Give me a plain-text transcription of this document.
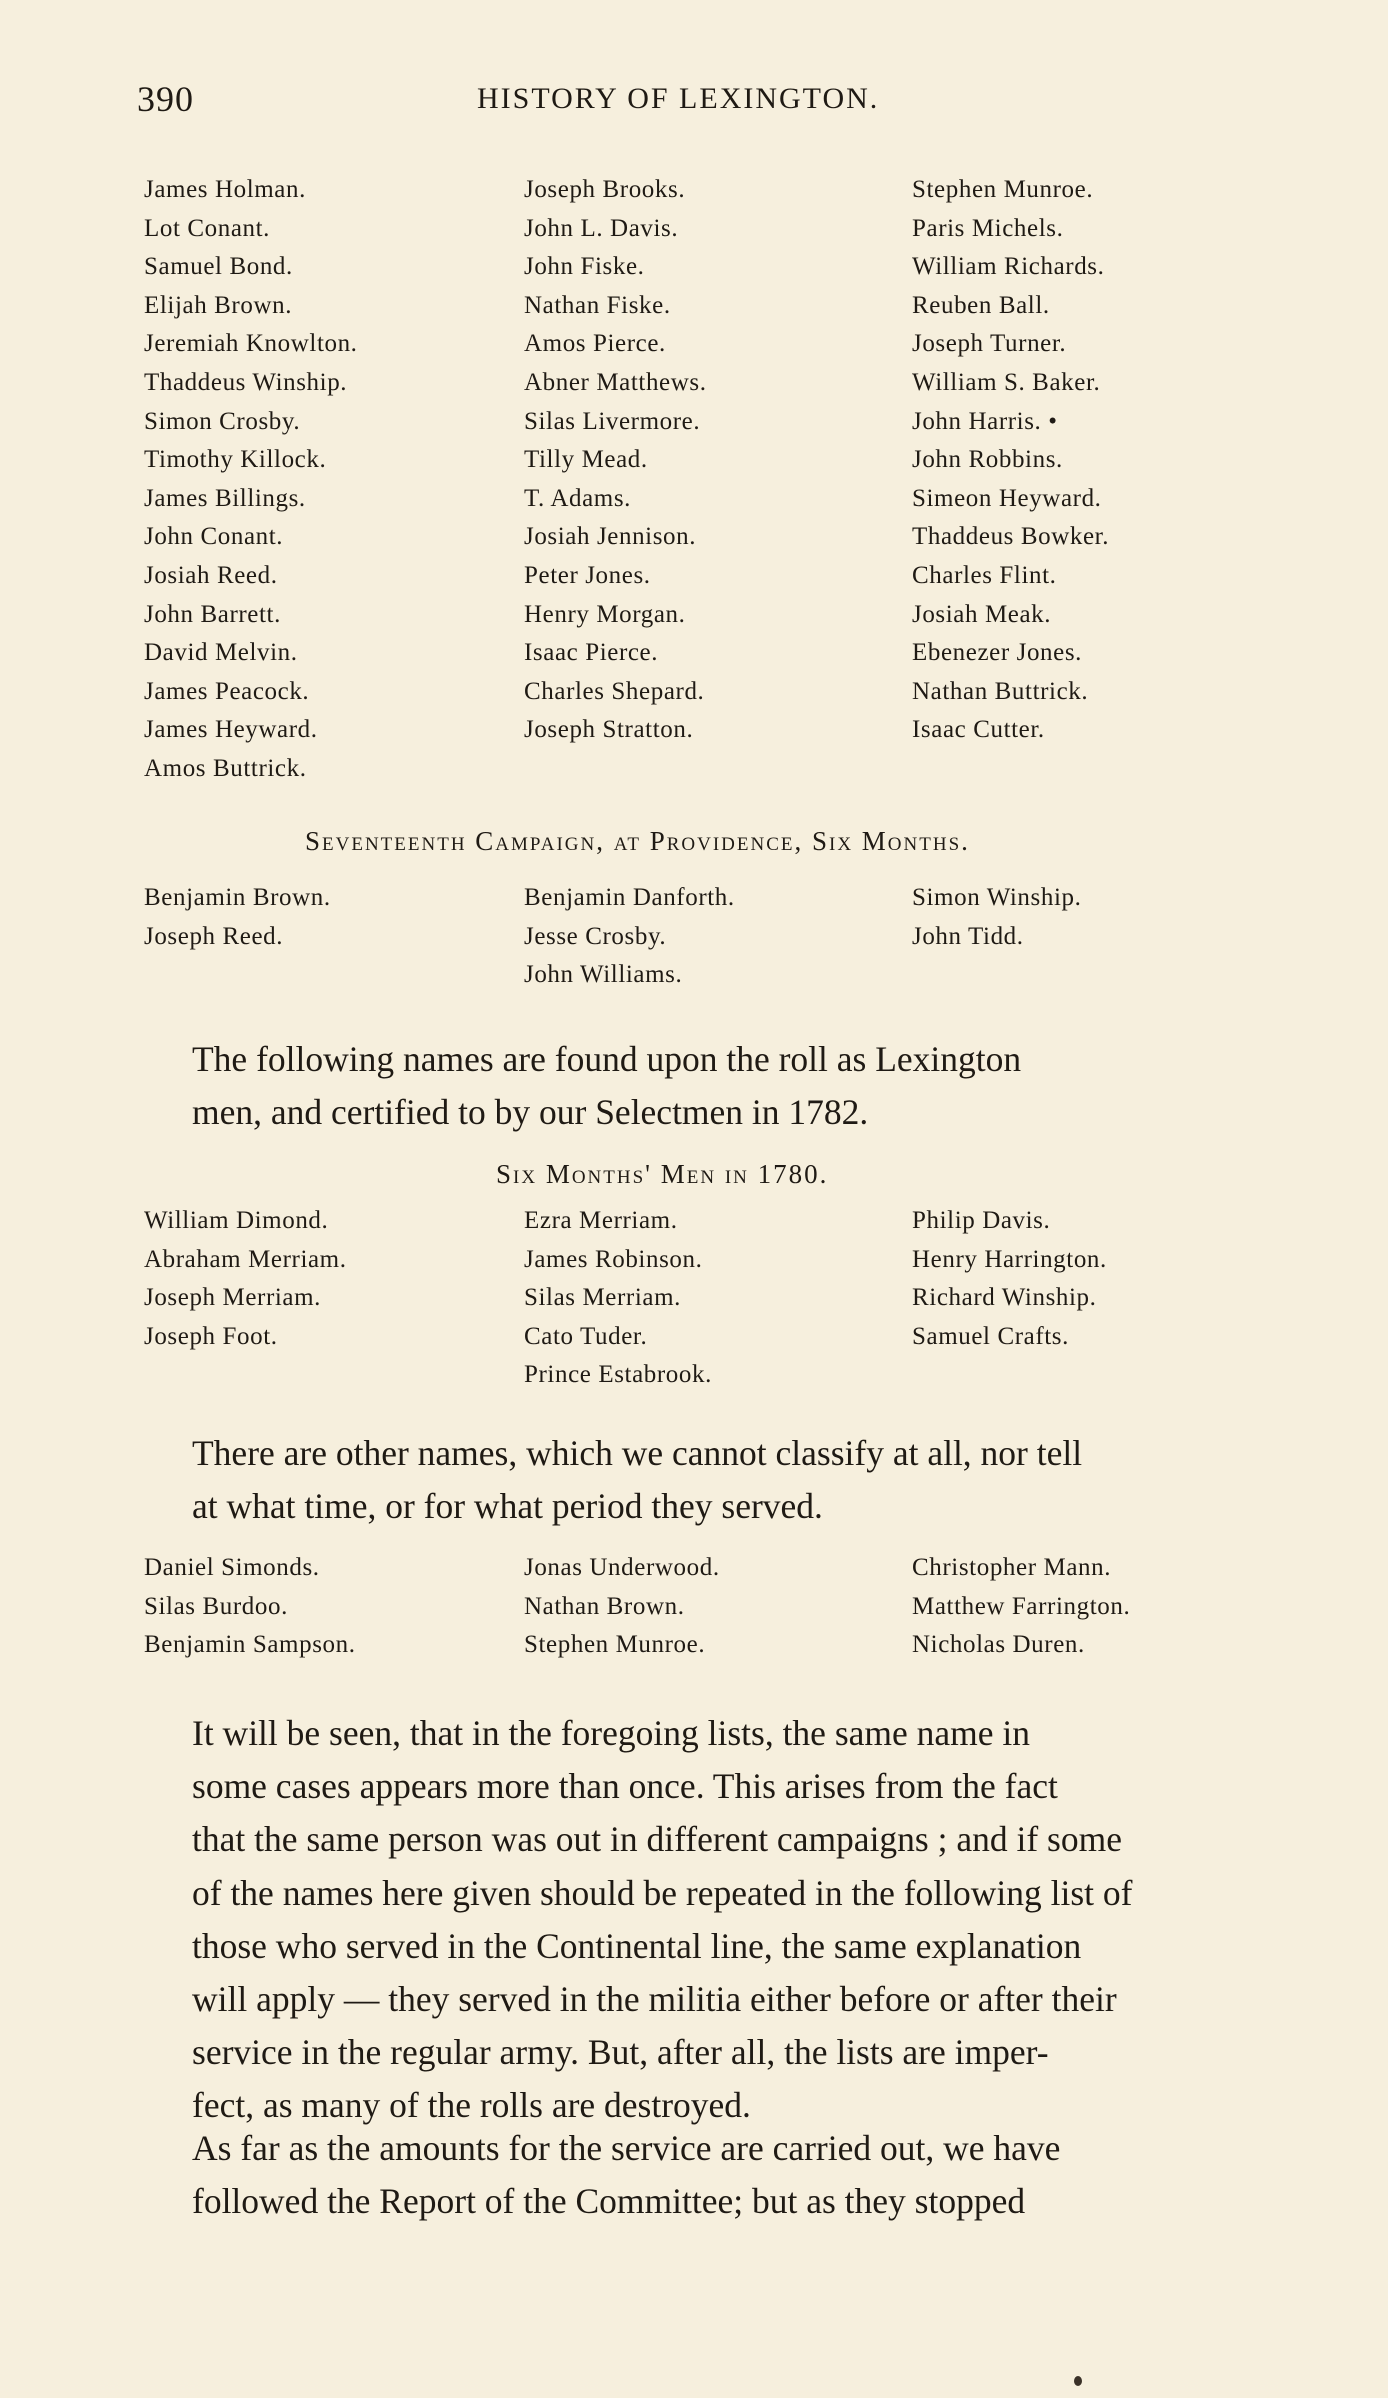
390	HISTORY OF LEXINGTON.
James Holman.
Lot Conant.
Samuel Bond.
Elijah Brown.
Jeremiah Knowlton.
Thaddeus Winship.
Simon Crosby.
Timothy Killock.
James Billings.
John Conant.
Josiah Reed.
John Barrett.
David Melvin.
James Peacock.
James Heyward.
Amos Buttrick.
Joseph Brooks.
John L. Davis.
John Fiske.
Nathan Fiske.
Amos Pierce.
Abner Matthews.
Silas Livermore.
Tilly Mead.
T. Adams.
Josiah Jennison.
Peter Jones.
Henry Morgan.
Isaac Pierce.
Charles Shepard.
Joseph Stratton.
Stephen Munroe.
Paris Michels.
William Richards.
Reuben Ball.
Joseph Turner.
William S. Baker.
John Harris. •
John Robbins.
Simeon Heyward.
Thaddeus Bowker.
Charles Flint.
Josiah Meak.
Ebenezer Jones.
Nathan Buttrick.
Isaac Cutter.
Seventeenth Campaign, at Providence, Six Months.
Benjamin Brown.
Joseph Reed.
Benjamin Danforth.
Jesse Crosby.
John Williams.
Simon Winship.
John Tidd.
The following names are found upon the roll as Lexington
men, and certified to by our Selectmen in 1782.
Six Months' Men in 1780.
William Dimond.
Abraham Merriam.
Joseph Merriam.
Joseph Foot.
Ezra Merriam.
James Robinson.
Silas Merriam.
Cato Tuder.
Prince Estabrook.
Philip Davis.
Henry Harrington.
Richard Winship.
Samuel Crafts.
There are other names, which we cannot classify at all, nor tell
at what time, or for what period they served.
Daniel Simonds.
Silas Burdoo.
Benjamin Sampson.
Jonas Underwood.
Nathan Brown.
Stephen Munroe.
Christopher Mann.
Matthew Farrington.
Nicholas Duren.
It will be seen, that in the foregoing lists, the same name in
some cases appears more than once. This arises from the fact
that the same person was out in different campaigns ; and if some
of the names here given should be repeated in the following list of
those who served in the Continental line, the same explanation
will apply — they served in the militia either before or after their
service in the regular army. But, after all, the lists are imper-
fect, as many of the rolls are destroyed.
As far as the amounts for the service are carried out, we have
followed the Report of the Committee; but as they stopped
